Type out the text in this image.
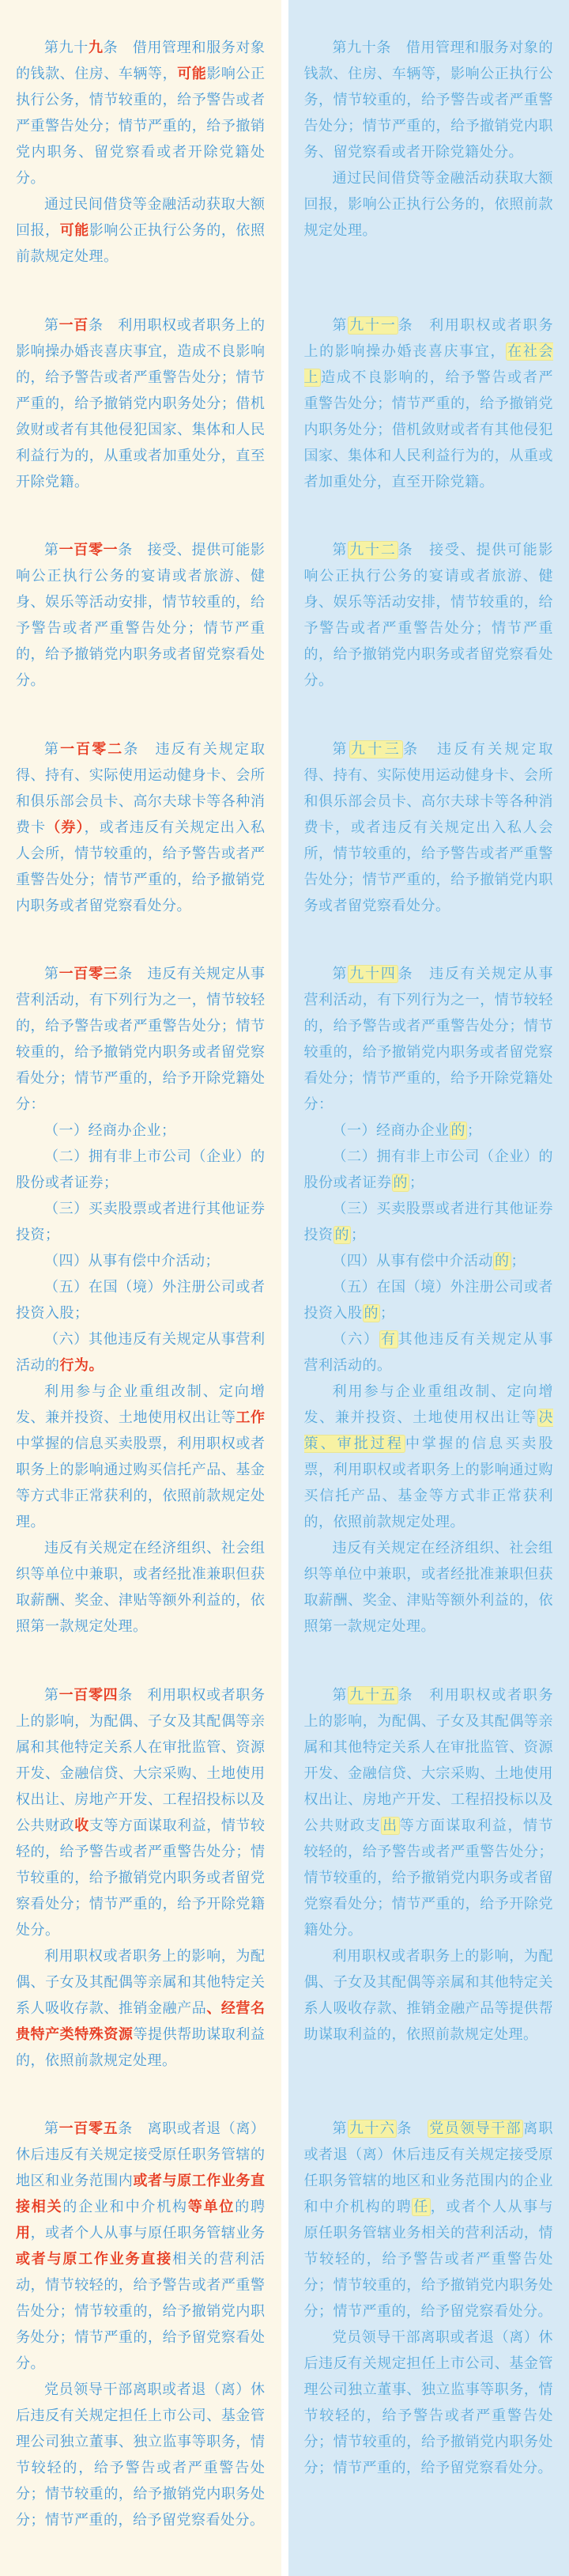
第九十九条　借用管理和服务对象的钱款、住房、车辆等，可能影响公正执行公务，情节较重的，给予警告或者严重警告处分；情节严重的，给予撤销党内职务、留党察看或者开除党籍处分。

通过民间借贷等金融活动获取大额回报，可能影响公正执行公务的，依照前款规定处理。

第九十条　借用管理和服务对象的钱款、住房、车辆等，影响公正执行公务，情节较重的，给予警告或者严重警告处分；情节严重的，给予撤销党内职务、留党察看或者开除党籍处分。

通过民间借贷等金融活动获取大额回报，影响公正执行公务的，依照前款规定处理。

第一百条　利用职权或者职务上的影响操办婚丧喜庆事宜，造成不良影响的，给予警告或者严重警告处分；情节严重的，给予撤销党内职务处分；借机敛财或者有其他侵犯国家、集体和人民利益行为的，从重或者加重处分，直至开除党籍。

第 九十一 条　利用职权或者职务上的影响操办婚丧喜庆事宜， 在社会上 造成不良影响的，给予警告或者严重警告处分；情节严重的，给予撤销党内职务处分；借机敛财或者有其他侵犯国家、集体和人民利益行为的，从重或者加重处分，直至开除党籍。

第一百零一条　接受、提供可能影响公正执行公务的宴请或者旅游、健身、娱乐等活动安排，情节较重的，给予警告或者严重警告处分；情节严重的，给予撤销党内职务或者留党察看处分。

第 九十二 条　接受、提供可能影响公正执行公务的宴请或者旅游、健身、娱乐等活动安排，情节较重的，给予警告或者严重警告处分；情节严重的，给予撤销党内职务或者留党察看处分。

第一百零二条　违反有关规定取得、持有、实际使用运动健身卡、会所和俱乐部会员卡、高尔夫球卡等各种消费卡（券），或者违反有关规定出入私人会所，情节较重的，给予警告或者严重警告处分；情节严重的，给予撤销党内职务或者留党察看处分。

第 九十三 条　违反有关规定取得、持有、实际使用运动健身卡、会所和俱乐部会员卡、高尔夫球卡等各种消费卡，或者违反有关规定出入私人会所，情节较重的，给予警告或者严重警告处分；情节严重的，给予撤销党内职务或者留党察看处分。

第一百零三条　违反有关规定从事营利活动，有下列行为之一，情节较轻的，给予警告或者严重警告处分；情节较重的，给予撤销党内职务或者留党察看处分；情节严重的，给予开除党籍处分：

（一）经商办企业；

（二）拥有非上市公司（企业）的股份或者证券；

（三）买卖股票或者进行其他证券投资；

（四）从事有偿中介活动；

（五）在国（境）外注册公司或者投资入股；

（六）其他违反有关规定从事营利活动的行为。

利用参与企业重组改制、定向增发、兼并投资、土地使用权出让等工作中掌握的信息买卖股票，利用职权或者职务上的影响通过购买信托产品、基金等方式非正常获利的，依照前款规定处理。

违反有关规定在经济组织、社会组织等单位中兼职，或者经批准兼职但获取薪酬、奖金、津贴等额外利益的，依照第一款规定处理。

第 九十四 条　违反有关规定从事营利活动，有下列行为之一，情节较轻的，给予警告或者严重警告处分；情节较重的，给予撤销党内职务或者留党察看处分；情节严重的，给予开除党籍处分：

（一）经商办企业 的 ；

（二）拥有非上市公司（企业）的股份或者证券 的 ；

（三）买卖股票或者进行其他证券投资 的 ；

（四）从事有偿中介活动 的 ；

（五）在国（境）外注册公司或者投资入股 的 ；

（六） 有 其他违反有关规定从事营利活动的。

利用参与企业重组改制、定向增发、兼并投资、土地使用权出让等 决策、审批过程 中掌握的信息买卖股票，利用职权或者职务上的影响通过购买信托产品、基金等方式非正常获利的，依照前款规定处理。

违反有关规定在经济组织、社会组织等单位中兼职，或者经批准兼职但获取薪酬、奖金、津贴等额外利益的，依照第一款规定处理。

第一百零四条　利用职权或者职务上的影响，为配偶、子女及其配偶等亲属和其他特定关系人在审批监管、资源开发、金融信贷、大宗采购、土地使用权出让、房地产开发、工程招投标以及公共财政收支等方面谋取利益，情节较轻的，给予警告或者严重警告处分；情节较重的，给予撤销党内职务或者留党察看处分；情节严重的，给予开除党籍处分。

利用职权或者职务上的影响，为配偶、子女及其配偶等亲属和其他特定关系人吸收存款、推销金融产品、经营名贵特产类特殊资源等提供帮助谋取利益的，依照前款规定处理。

第 九十五 条　利用职权或者职务上的影响，为配偶、子女及其配偶等亲属和其他特定关系人在审批监管、资源开发、金融信贷、大宗采购、土地使用权出让、房地产开发、工程招投标以及公共财政支 出 等方面谋取利益，情节较轻的，给予警告或者严重警告处分；情节较重的，给予撤销党内职务或者留党察看处分；情节严重的，给予开除党籍处分。

利用职权或者职务上的影响，为配偶、子女及其配偶等亲属和其他特定关系人吸收存款、推销金融产品等提供帮助谋取利益的，依照前款规定处理。

第一百零五条　离职或者退（离）休后违反有关规定接受原任职务管辖的地区和业务范围内或者与原工作业务直接相关的企业和中介机构等单位的聘用，或者个人从事与原任职务管辖业务或者与原工作业务直接相关的营利活动，情节较轻的，给予警告或者严重警告处分；情节较重的，给予撤销党内职务处分；情节严重的，给予留党察看处分。

党员领导干部离职或者退（离）休后违反有关规定担任上市公司、基金管理公司独立董事、独立监事等职务，情节较轻的，给予警告或者严重警告处分；情节较重的，给予撤销党内职务处分；情节严重的，给予留党察看处分。

第 九十六 条　党员领导干部 离职或者退（离）休后违反有关规定接受原任职务管辖的地区和业务范围内的企业和中介机构的聘 任 ，或者个人从事与原任职务管辖业务相关的营利活动，情节较轻的，给予警告或者严重警告处分；情节较重的，给予撤销党内职务处分；情节严重的，给予留党察看处分。

党员领导干部离职或者退（离）休后违反有关规定担任上市公司、基金管理公司独立董事、独立监事等职务，情节较轻的，给予警告或者严重警告处分；情节较重的，给予撤销党内职务处分；情节严重的，给予留党察看处分。
